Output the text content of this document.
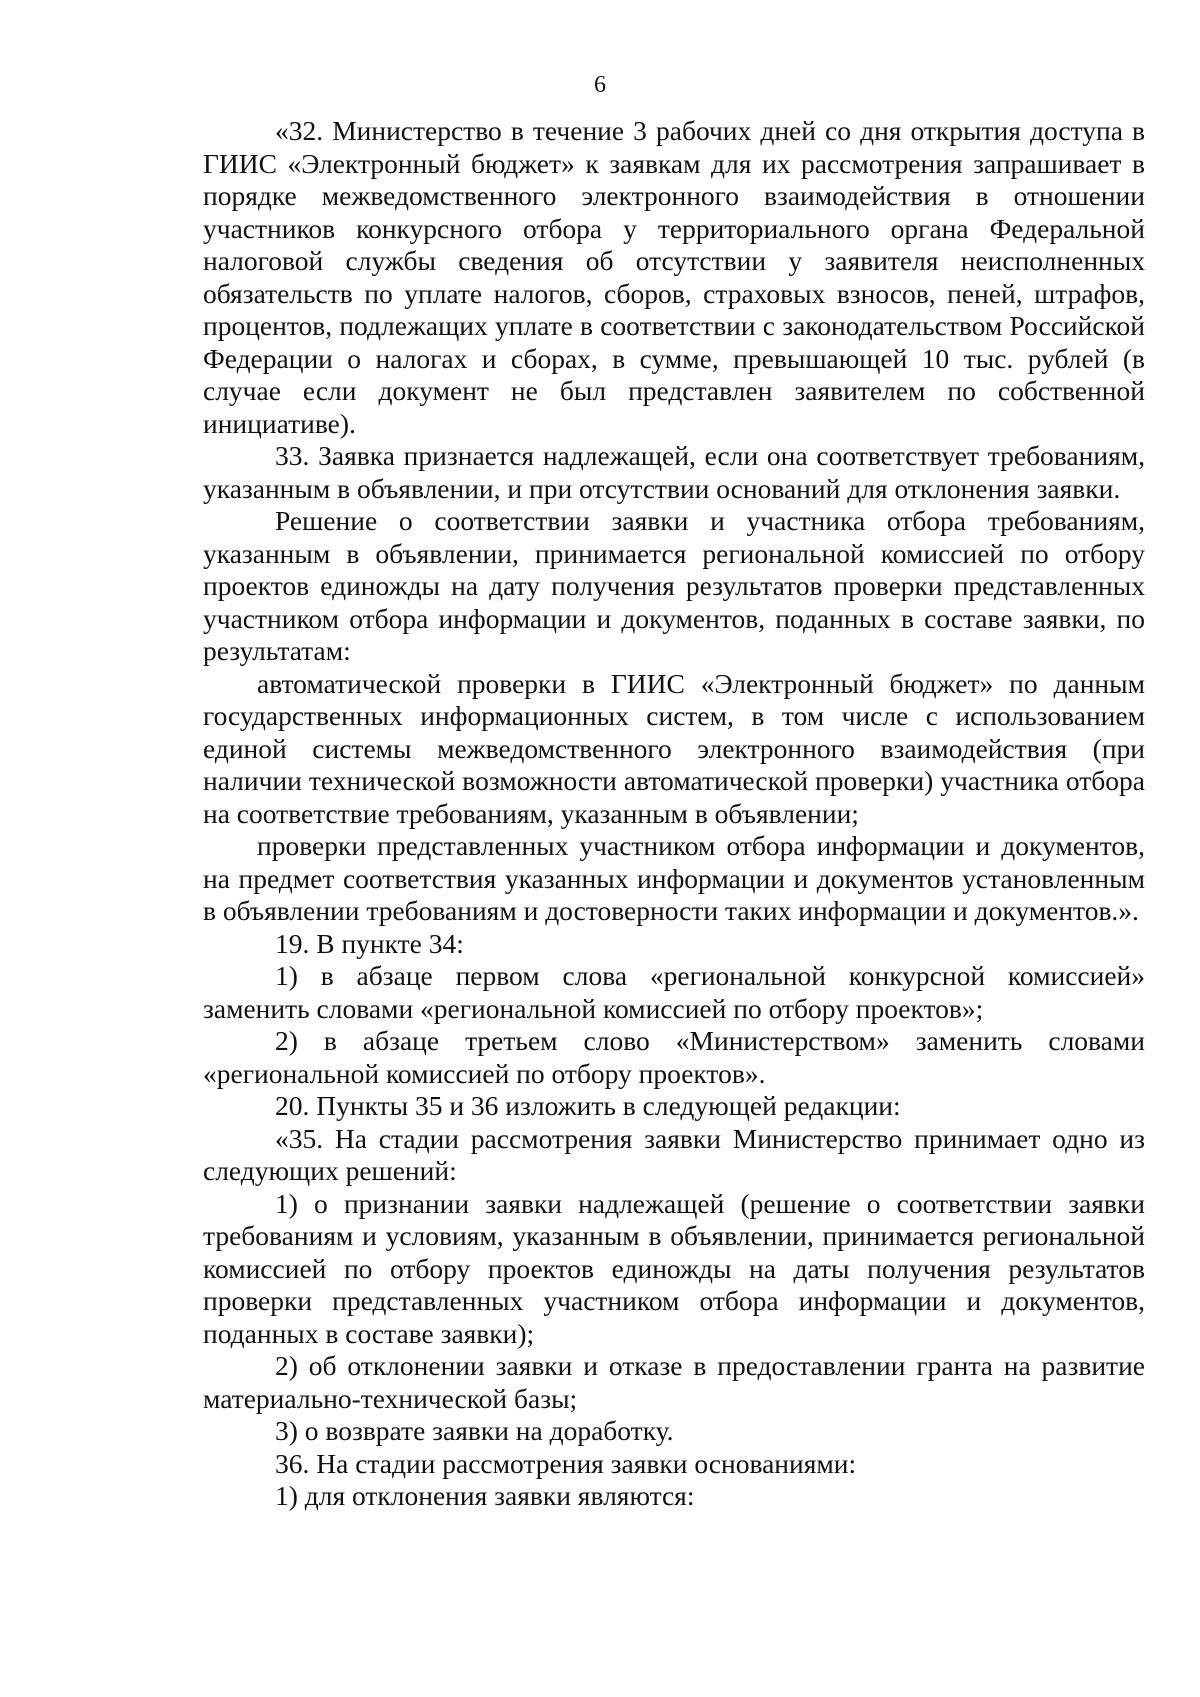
6

«32. Министерство в течение 3 рабочих дней со дня открытия доступа в ГИИС «Электронный бюджет» к заявкам для их рассмотрения запрашивает в порядке межведомственного электронного взаимодействия в отношении участников конкурсного отбора у территориального органа Федеральной налоговой службы сведения об отсутствии у заявителя неисполненных обязательств по уплате налогов, сборов, страховых взносов, пеней, штрафов, процентов, подлежащих уплате в соответствии с законодательством Российской Федерации о налогах и сборах, в сумме, превышающей 10 тыс. рублей (в случае если документ не был представлен заявителем по собственной инициативе).

33. Заявка признается надлежащей, если она соответствует требованиям, указанным в объявлении, и при отсутствии оснований для отклонения заявки.

Решение о соответствии заявки и участника отбора требованиям, указанным в объявлении, принимается региональной комиссией по отбору проектов единожды на дату получения результатов проверки представленных участником отбора информации и документов, поданных в составе заявки, по результатам:

автоматической проверки в ГИИС «Электронный бюджет» по данным государственных информационных систем, в том числе с использованием единой системы межведомственного электронного взаимодействия (при наличии технической возможности автоматической проверки) участника отбора на соответствие требованиям, указанным в объявлении;

проверки представленных участником отбора информации и документов, на предмет соответствия указанных информации и документов установленным в объявлении требованиям и достоверности таких информации и документов.».

19. В пункте 34:

1) в абзаце первом слова «региональной конкурсной комиссией» заменить словами «региональной комиссией по отбору проектов»;

2) в абзаце третьем слово «Министерством» заменить словами «региональной комиссией по отбору проектов».

20. Пункты 35 и 36 изложить в следующей редакции:

«35. На стадии рассмотрения заявки Министерство принимает одно из следующих решений:

1) о признании заявки надлежащей (решение о соответствии заявки требованиям и условиям, указанным в объявлении, принимается региональной комиссией по отбору проектов единожды на даты получения результатов проверки представленных участником отбора информации и документов, поданных в составе заявки);

2) об отклонении заявки и отказе в предоставлении гранта на развитие материально-технической базы;

3) о возврате заявки на доработку.

36. На стадии рассмотрения заявки основаниями:

1) для отклонения заявки являются:
